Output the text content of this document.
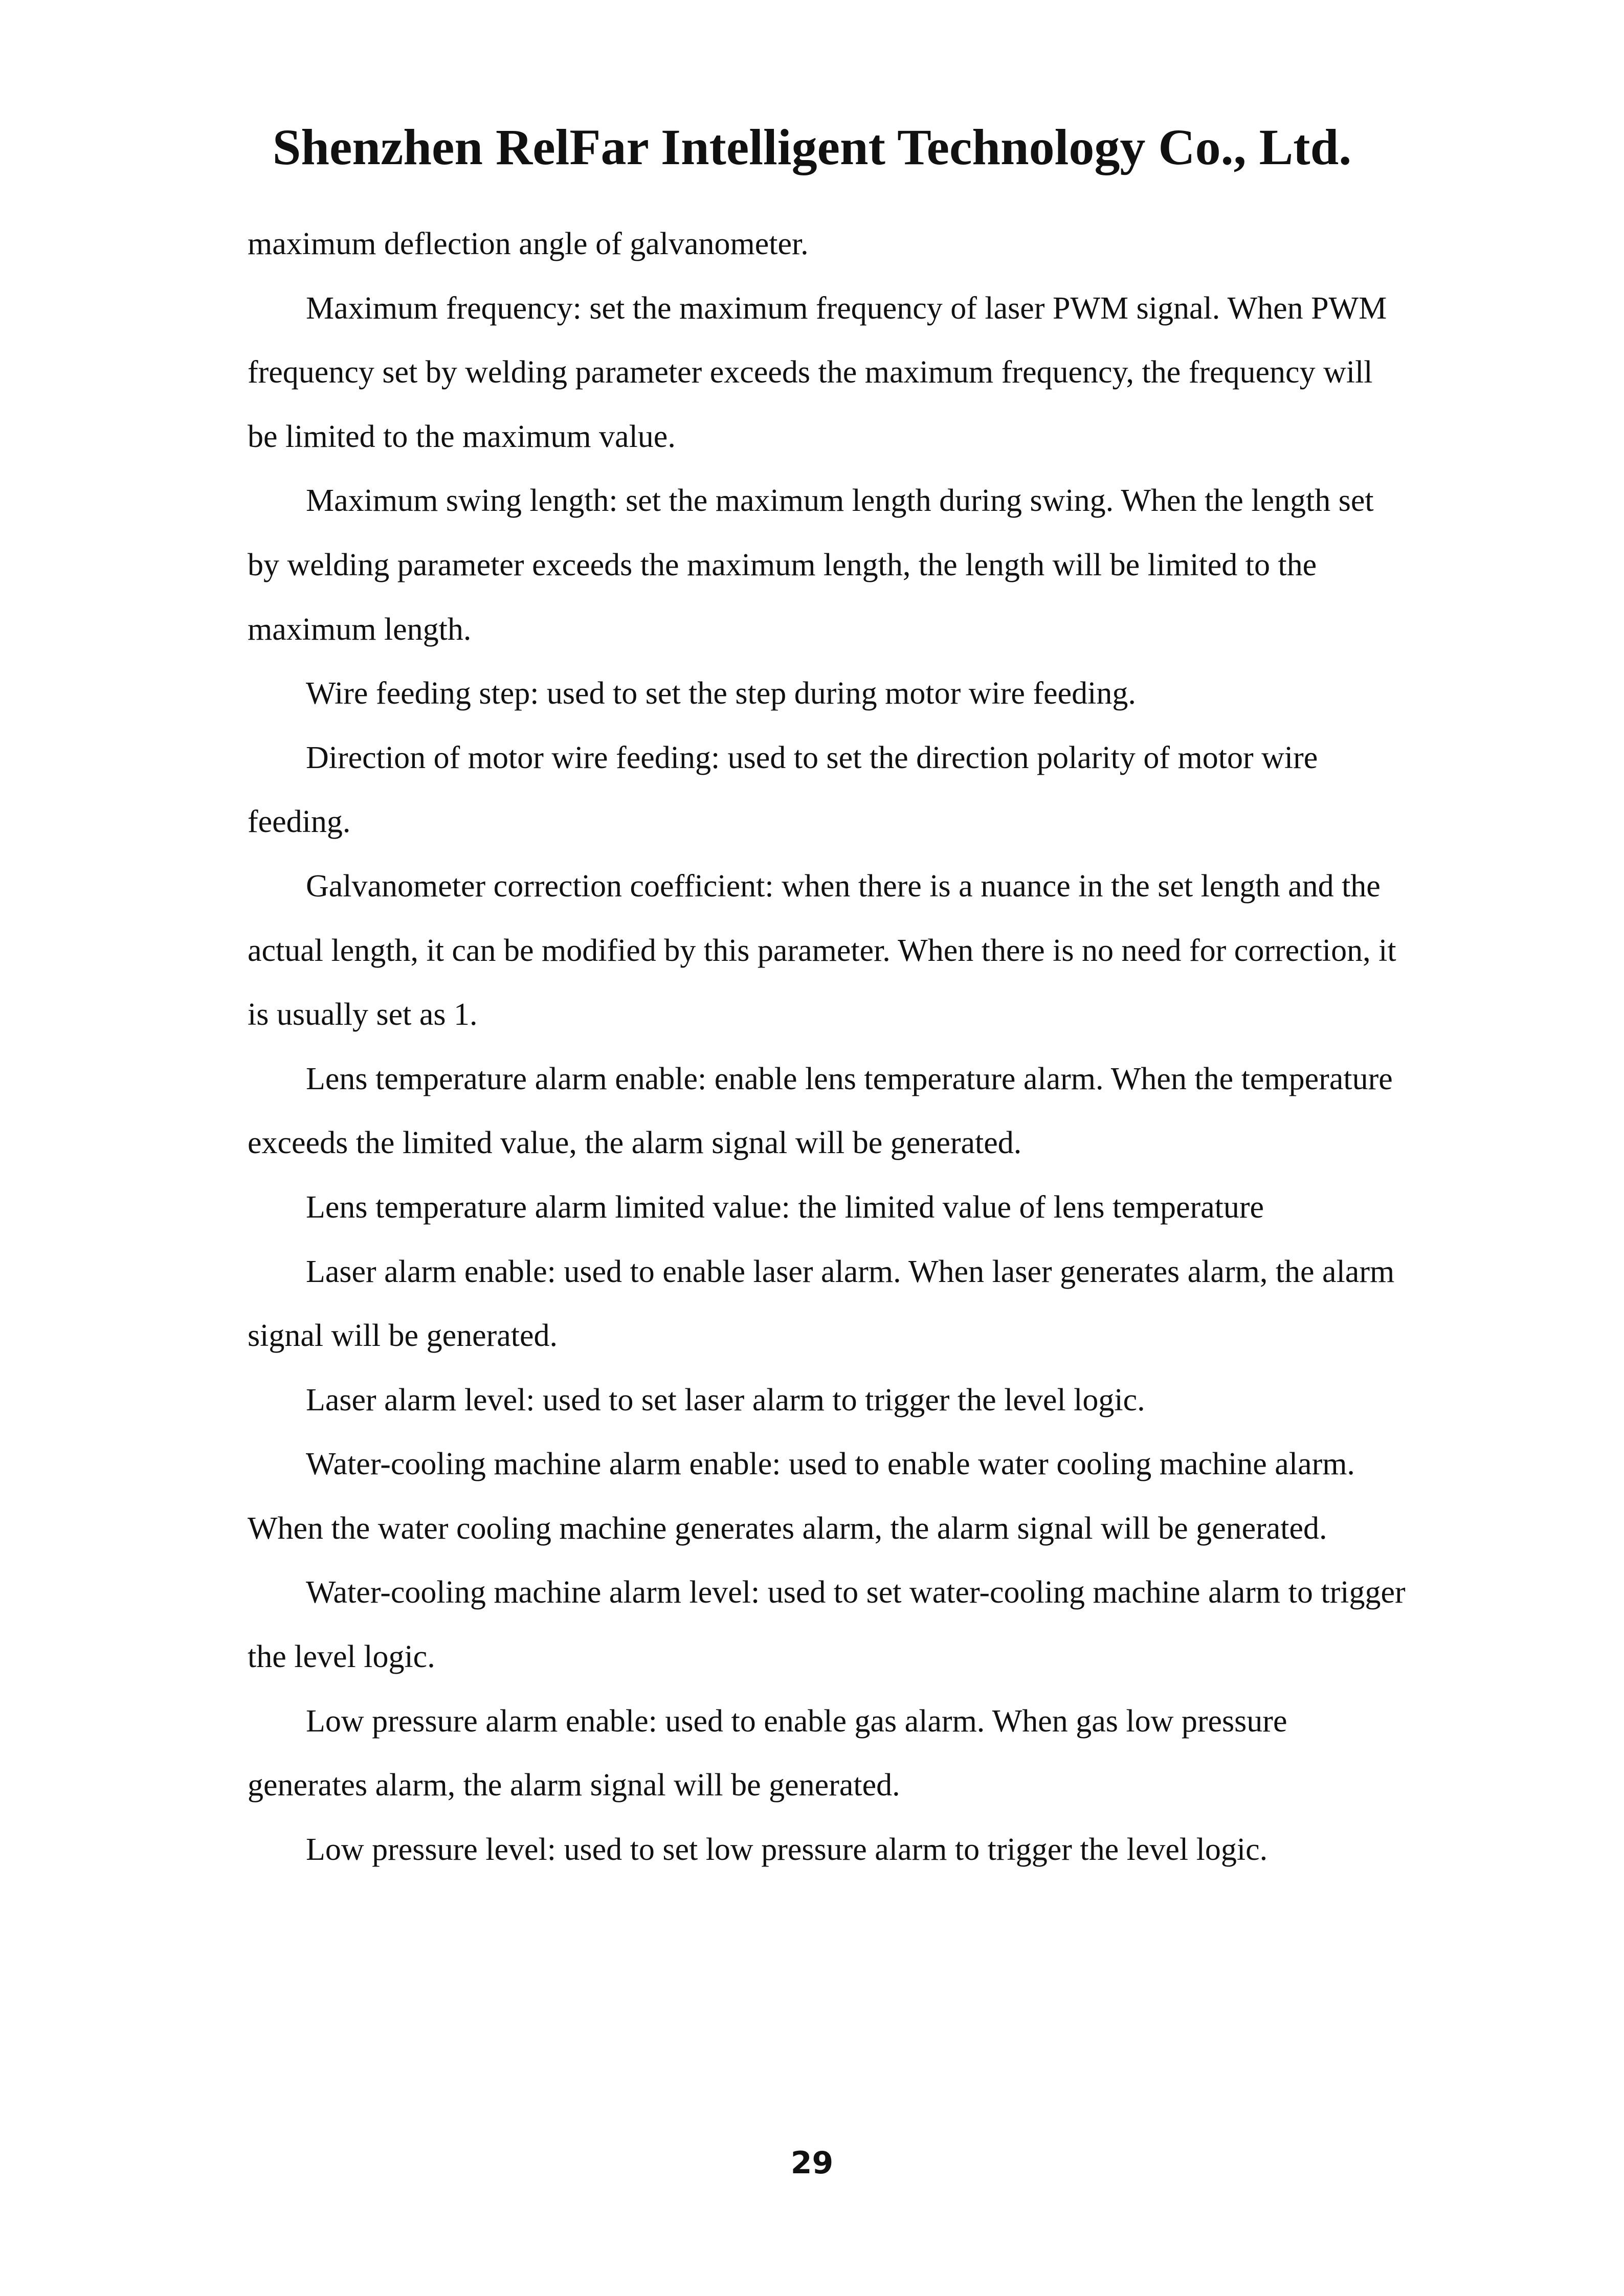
Shenzhen RelFar Intelligent Technology Co., Ltd.

maximum deflection angle of galvanometer.

Maximum frequency: set the maximum frequency of laser PWM signal. When PWM frequency set by welding parameter exceeds the maximum frequency, the frequency will be limited to the maximum value.

Maximum swing length: set the maximum length during swing. When the length set by welding parameter exceeds the maximum length, the length will be limited to the maximum length.

Wire feeding step: used to set the step during motor wire feeding.

Direction of motor wire feeding: used to set the direction polarity of motor wire feeding.

Galvanometer correction coefficient: when there is a nuance in the set length and the actual length, it can be modified by this parameter. When there is no need for correction, it is usually set as 1.

Lens temperature alarm enable: enable lens temperature alarm. When the temperature exceeds the limited value, the alarm signal will be generated.

Lens temperature alarm limited value: the limited value of lens temperature

Laser alarm enable: used to enable laser alarm. When laser generates alarm, the alarm signal will be generated.

Laser alarm level: used to set laser alarm to trigger the level logic.

Water-cooling machine alarm enable: used to enable water cooling machine alarm. When the water cooling machine generates alarm, the alarm signal will be generated.

Water-cooling machine alarm level: used to set water-cooling machine alarm to trigger the level logic.

Low pressure alarm enable: used to enable gas alarm. When gas low pressure generates alarm, the alarm signal will be generated.

Low pressure level: used to set low pressure alarm to trigger the level logic.

29
